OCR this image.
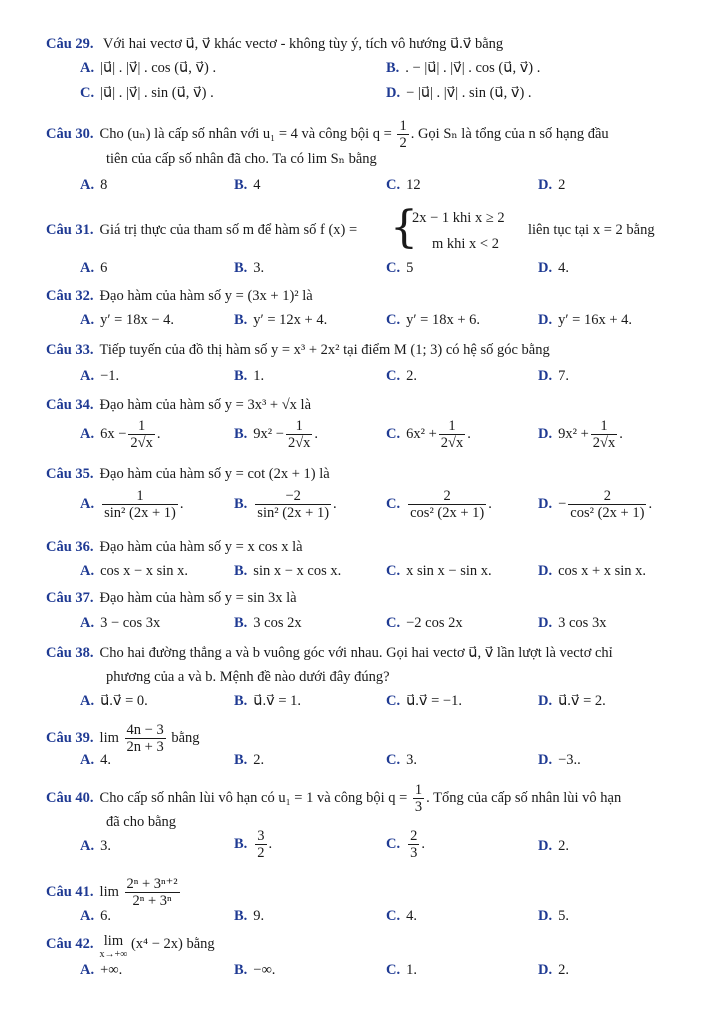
Câu 29. Với hai vectơ u⃗, v⃗ khác vectơ - không tùy ý, tích vô hướng u⃗.v⃗ bằng
A. |u⃗| . |v⃗| . cos (u⃗, v⃗) .	B. . − |u⃗| . |v⃗| . cos (u⃗, v⃗) .
C. |u⃗| . |v⃗| . sin (u⃗, v⃗) .	D. − |u⃗| . |v⃗| . sin (u⃗, v⃗) .
Câu 30. Cho (uₙ) là cấp số nhân với u₁ = 4 và công bội $q = \frac{1}{2}$ . Gọi Sₙ là tổng của n số hạng đầu
tiên của cấp số nhân đã cho. Ta có lim Sₙ bằng
A. 8	B. 4	C. 12	D. 2
Câu 31. Giá trị thực của tham số m để hàm số f (x) = {
2x − 1 khi x ≥ 2
m khi x < 2
liên tục tại x = 2 bằng
A. 6	B. 3.	C. 5	D. 4.
Câu 32. Đạo hàm của hàm số y = (3x + 1)² là
A. y′ = 18x − 4.	B. y′ = 12x + 4.	C. y′ = 18x + 6.	D. y′ = 16x + 4.
Câu 33. Tiếp tuyến của đồ thị hàm số y = x³ + 2x² tại điểm M (1; 3) có hệ số góc bằng
A. −1.	B. 1.	C. 2.	D. 7.
Câu 34. Đạo hàm của hàm số y = 3x³ + √x là
A. $6x - \frac{1}{2√x}$ .	B. $9x^2 - \frac{1}{2√x}$ .	C. $6x^2 + \frac{1}{2√x}$ .	D. $9x^2 + \frac{1}{2√x}$ .
Câu 35. Đạo hàm của hàm số y = cot (2x + 1) là
A. $\frac{1}{\text{sin² (2x + 1)}}$ .	B. $\frac{-2}{\text{sin² (2x + 1)}}$ .	C. $\frac{2}{\text{cos² (2x + 1)}}$ .	D. − $\frac{2}{\text{cos² (2x + 1)}}$ .
Câu 36. Đạo hàm của hàm số y = x cos x là
A. cos x − x sin x.	B. sin x − x cos x.	C. x sin x − sin x.	D. cos x + x sin x.
Câu 37. Đạo hàm của hàm số y = sin 3x là
A. 3 − cos 3x	B. 3 cos 2x	C. −2 cos 2x	D. 3 cos 3x
Câu 38. Cho hai đường thẳng a và b vuông góc với nhau. Gọi hai vectơ u⃗, v⃗ lần lượt là vectơ chỉ
phương của a và b. Mệnh đề nào dưới đây đúng?
A. u⃗.v⃗ = 0.	B. u⃗.v⃗ = 1.	C. u⃗.v⃗ = −1.	D. u⃗.v⃗ = 2.
Câu 39. $\lim \frac{4n - 3}{2n + 3}$ bằng
A. 4.	B. 2.	C. 3.	D. −3..
Câu 40. Cho cấp số nhân lùi vô hạn có u₁ = 1 và công bội $q = \frac{1}{3}$ . Tổng của cấp số nhân lùi vô hạn
đã cho bằng
A. 3.	B. $\frac{3}{2}$ .	C. $\frac{2}{3}$ .	D. 2.
Câu 41. $\lim \frac{\text{2ⁿ + 3ⁿ⁺²}}{\text{2ⁿ + 3ⁿ}}$
A. 6.	B. 9.	C. 4.	D. 5.
Câu 42. lim
x→+∞
(x⁴ − 2x) bằng
A. +∞.	B. −∞.	C. 1.	D. 2.
